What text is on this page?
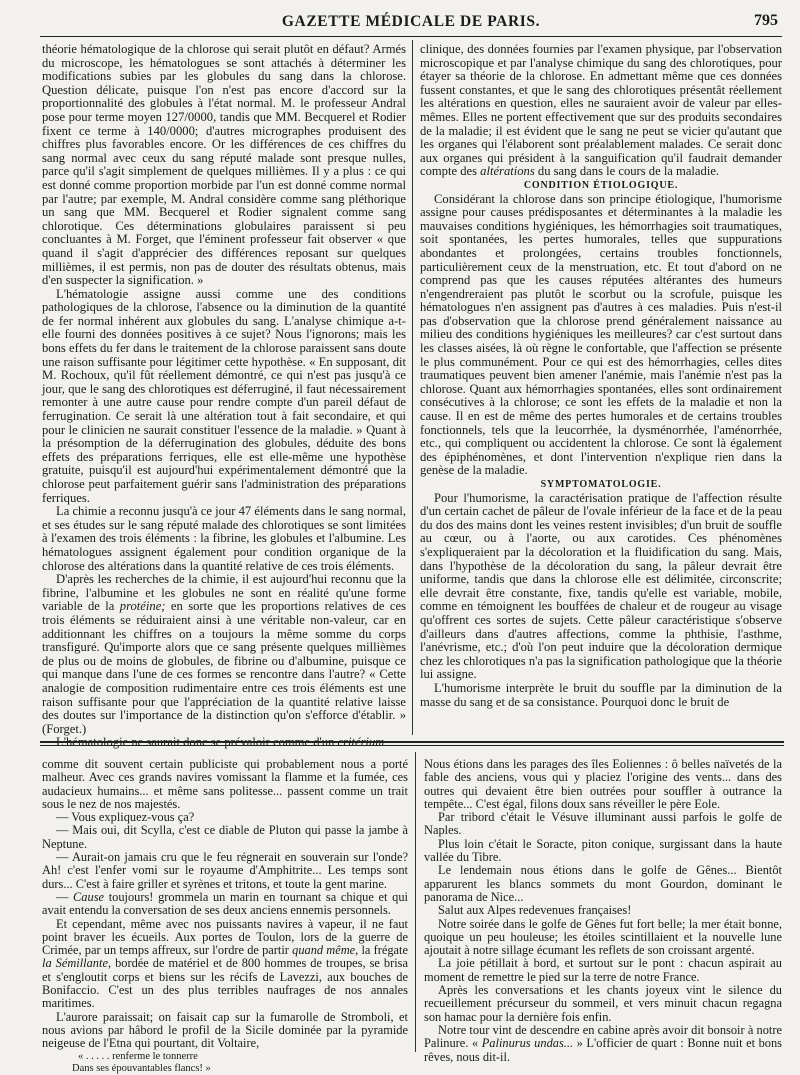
GAZETTE MÉDICALE DE PARIS.	795

théorie hématologique de la chlorose qui serait plutôt en défaut? Armés du microscope, les hématologues se sont attachés à déterminer les modifications subies par les globules du sang dans la chlorose. Question délicate, puisque l'on n'est pas encore d'accord sur la proportionnalité des globules à l'état normal. M. le professeur Andral pose pour terme moyen 127/0000, tandis que MM. Becquerel et Rodier fixent ce terme à 140/0000; d'autres micrographes produisent des chiffres plus favorables encore. Or les différences de ces chiffres du sang normal avec ceux du sang réputé malade sont presque nulles, parce qu'il s'agit simplement de quelques millièmes. Il y a plus : ce qui est donné comme proportion morbide par l'un est donné comme normal par l'autre; par exemple, M. Andral considère comme sang pléthorique un sang que MM. Becquerel et Rodier signalent comme sang chlorotique. Ces déterminations globulaires paraissent si peu concluantes à M. Forget, que l'éminent professeur fait observer « que quand il s'agit d'apprécier des différences reposant sur quelques millièmes, il est permis, non pas de douter des résultats obtenus, mais d'en suspecter la signification. »

L'hématologie assigne aussi comme une des conditions pathologiques de la chlorose, l'absence ou la diminution de la quantité de fer normal inhérent aux globules du sang. L'analyse chimique a-t-elle fourni des données positives à ce sujet? Nous l'ignorons; mais les bons effets du fer dans le traitement de la chlorose paraissent sans doute une raison suffisante pour légitimer cette hypothèse. « En supposant, dit M. Rochoux, qu'il fût réellement démontré, ce qui n'est pas jusqu'à ce jour, que le sang des chlorotiques est déferruginé, il faut nécessairement remonter à une autre cause pour rendre compte d'un pareil défaut de ferrugination. Ce serait là une altération tout à fait secondaire, et qui pour le clinicien ne saurait constituer l'essence de la maladie. » Quant à la présomption de la déferrugination des globules, déduite des bons effets des préparations ferriques, elle est elle-même une hypothèse gratuite, puisqu'il est aujourd'hui expérimentalement démontré que la chlorose peut parfaitement guérir sans l'administration des préparations ferriques.

La chimie a reconnu jusqu'à ce jour 47 éléments dans le sang normal, et ses études sur le sang réputé malade des chlorotiques se sont limitées à l'examen des trois éléments : la fibrine, les globules et l'albumine. Les hématologues assignent également pour condition organique de la chlorose des altérations dans la quantité relative de ces trois éléments.

D'après les recherches de la chimie, il est aujourd'hui reconnu que la fibrine, l'albumine et les globules ne sont en réalité qu'une forme variable de la protéine; en sorte que les proportions relatives de ces trois éléments se réduiraient ainsi à une véritable non-valeur, car en additionnant les chiffres on a toujours la même somme du corps transfiguré. Qu'importe alors que ce sang présente quelques millièmes de plus ou de moins de globules, de fibrine ou d'albumine, puisque ce qui manque dans l'une de ces formes se rencontre dans l'autre? « Cette analogie de composition rudimentaire entre ces trois éléments est une raison suffisante pour que l'appréciation de la quantité relative laisse des doutes sur l'importance de la distinction qu'on s'efforce d'établir. » (Forget.)

clinique, des données fournies par l'examen physique, par l'observation microscopique et par l'analyse chimique du sang des chlorotiques, pour étayer sa théorie de la chlorose. En admettant même que ces données fussent constantes, et que le sang des chlorotiques présentât réellement les altérations en question, elles ne sauraient avoir de valeur par elles-mêmes. Elles ne portent effectivement que sur des produits secondaires de la maladie; il est évident que le sang ne peut se vicier qu'autant que les organes qui l'élaborent sont préalablement malades. Ce serait donc aux organes qui président à la sanguification qu'il faudrait demander compte des altérations du sang dans le cours de la maladie.

CONDITION ÉTIOLOGIQUE.

Considérant la chlorose dans son principe étiologique, l'humorisme assigne pour causes prédisposantes et déterminantes à la maladie les mauvaises conditions hygiéniques, les hémorrhagies soit traumatiques, soit spontanées, les pertes humorales, telles que suppurations abondantes et prolongées, certains troubles fonctionnels, particulièrement ceux de la menstruation, etc. Et tout d'abord on ne comprend pas que les causes réputées altérantes des humeurs n'engendreraient pas plutôt le scorbut ou la scrofule, puisque les hématologues n'en assignent pas d'autres à ces maladies. Puis n'est-il pas d'observation que la chlorose prend généralement naissance au milieu des conditions hygiéniques les meilleures? car c'est surtout dans les classes aisées, là où règne le confortable, que l'affection se présente le plus communément. Pour ce qui est des hémorrhagies, celles dites traumatiques peuvent bien amener l'anémie, mais l'anémie n'est pas la chlorose. Quant aux hémorrhagies spontanées, elles sont ordinairement consécutives à la chlorose; ce sont les effets de la maladie et non la cause. Il en est de même des pertes humorales et de certains troubles fonctionnels, tels que la leucorrhée, la dysménorrhée, l'aménorrhée, etc., qui compliquent ou accidentent la chlorose. Ce sont là également des épiphénomènes, et dont l'intervention n'explique rien dans la genèse de la maladie.

SYMPTOMATOLOGIE.

Pour l'humorisme, la caractérisation pratique de l'affection résulte d'un certain cachet de pâleur de l'ovale inférieur de la face et de la peau du dos des mains dont les veines restent invisibles; d'un bruit de souffle au cœur, ou à l'aorte, ou aux carotides. Ces phénomènes s'expliqueraient par la décoloration et la fluidification du sang. Mais, dans l'hypothèse de la décoloration du sang, la pâleur devrait être uniforme, tandis que dans la chlorose elle est délimitée, circonscrite; elle devrait être constante, fixe, tandis qu'elle est variable, mobile, comme en témoignent les bouffées de chaleur et de rougeur au visage qu'offrent ces sortes de sujets. Cette pâleur caractéristique s'observe d'ailleurs dans d'autres affections, comme la phthisie, l'asthme, l'anévrisme, etc.; d'où l'on peut induire que la décoloration dermique chez les chlorotiques n'a pas la signification pathologique que la théorie lui assigne.

L'humorisme interprète le bruit du souffle par la diminution de la masse du sang et de sa consistance. Pourquoi donc le bruit de

comme dit souvent certain publiciste qui probablement nous a porté malheur. Avec ces grands navires vomissant la flamme et la fumée, ces audacieux humains... et même sans politesse... passent comme un trait sous le nez de nos majestés.

— Vous expliquez-vous ça?

— Mais oui, dit Scylla, c'est ce diable de Pluton qui passe la jambe à Neptune.

— Aurait-on jamais cru que le feu régnerait en souverain sur l'onde? Ah! c'est l'enfer vomi sur le royaume d'Amphitrite... Les temps sont durs... C'est à faire griller et syrènes et tritons, et toute la gent marine.

— Cause toujours! grommela un marin en tournant sa chique et qui avait entendu la conversation de ses deux anciens ennemis personnels.

Et cependant, même avec nos puissants navires à vapeur, il ne faut point braver les écueils. Aux portes de Toulon, lors de la guerre de Crimée, par un temps affreux, sur l'ordre de partir quand même, la frégate la Sémillante, bordée de matériel et de 800 hommes de troupes, se brisa et s'engloutit corps et biens sur les récifs de Lavezzi, aux bouches de Bonifaccio. C'est un des plus terribles naufrages de nos annales maritimes.

L'aurore paraissait; on faisait cap sur la fumarolle de Stromboli, et nous avions par hâbord le profil de la Sicile dominée par la pyramide neigeuse de l'Etna qui pourtant, dit Voltaire,

« . . . . . renferme le tonnerre

Dans ses épouvantables flancs! »

Nous étions dans les parages des îles Eoliennes : ô belles naïvetés de la fable des anciens, vous qui y placiez l'origine des vents... dans des outres qui devaient être bien outrées pour souffler à outrance la tempête... C'est égal, filons doux sans réveiller le père Eole.

Par tribord c'était le Vésuve illuminant aussi parfois le golfe de Naples.

Plus loin c'était le Soracte, piton conique, surgissant dans la haute vallée du Tibre.

Le lendemain nous étions dans le golfe de Gênes... Bientôt apparurent les blancs sommets du mont Gourdon, dominant le panorama de Nice...

Salut aux Alpes redevenues françaises!

Notre soirée dans le golfe de Gênes fut fort belle; la mer était bonne, quoique un peu houleuse; les étoiles scintillaient et la nouvelle lune ajoutait à notre sillage écumant les reflets de son croissant argenté.

La joie pétillait à bord, et surtout sur le pont : chacun aspirait au moment de remettre le pied sur la terre de notre France.

Après les conversations et les chants joyeux vint le silence du recueillement précurseur du sommeil, et vers minuit chacun regagna son hamac pour la dernière fois enfin.

Notre tour vint de descendre en cabine après avoir dit bonsoir à notre Palinure. « Palinurus undas... » L'officier de quart : Bonne nuit et bons rêves, nous dit-il.
